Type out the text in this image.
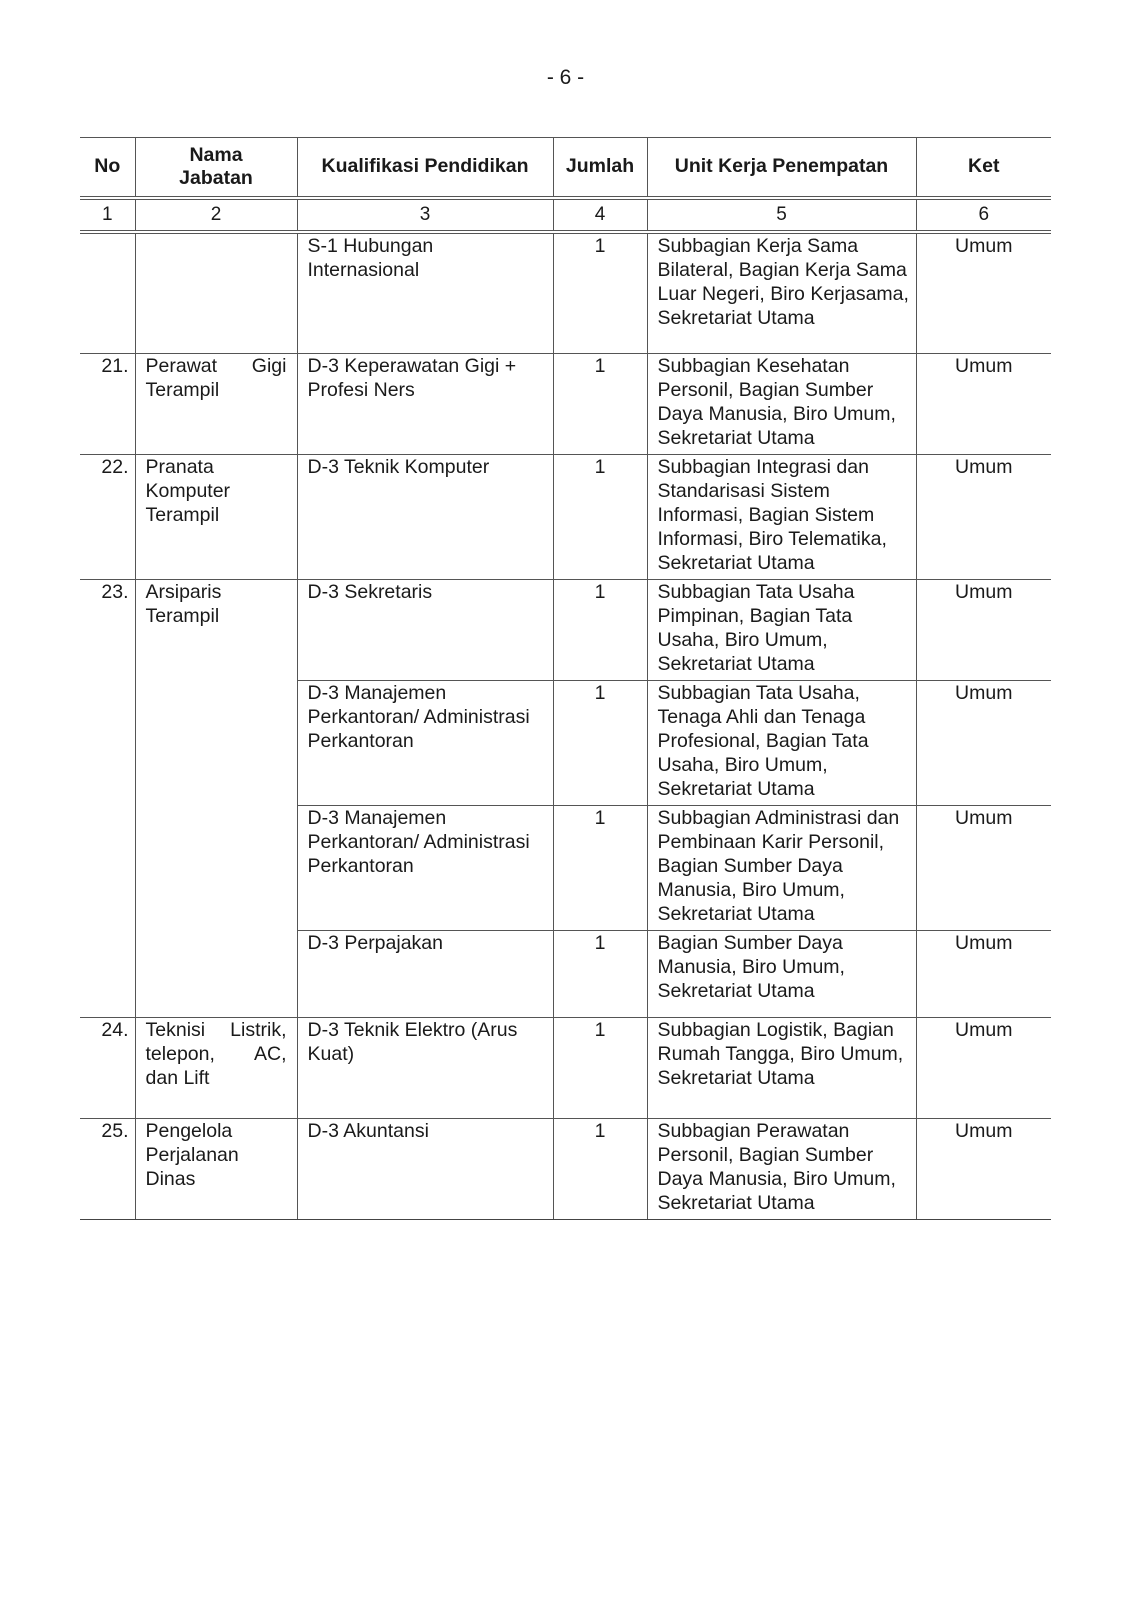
- 6 -
No	Nama Jabatan	Kualifikasi Pendidikan	Jumlah	Unit Kerja Penempatan	Ket
1	2	3	4	5	6
		S-1 Hubungan Internasional	1	Subbagian Kerja Sama Bilateral, Bagian Kerja Sama Luar Negeri, Biro Kerjasama, Sekretariat Utama	Umum
21.	Perawat Gigi Terampil	D-3 Keperawatan Gigi + Profesi Ners	1	Subbagian Kesehatan Personil, Bagian Sumber Daya Manusia, Biro Umum, Sekretariat Utama	Umum
22.	Pranata Komputer Terampil	D-3 Teknik Komputer	1	Subbagian Integrasi dan Standarisasi Sistem Informasi, Bagian Sistem Informasi, Biro Telematika, Sekretariat Utama	Umum
23.	Arsiparis Terampil	D-3 Sekretaris	1	Subbagian Tata Usaha Pimpinan, Bagian Tata Usaha, Biro Umum, Sekretariat Utama	Umum
		D-3 Manajemen Perkantoran/ Administrasi Perkantoran	1	Subbagian Tata Usaha, Tenaga Ahli dan Tenaga Profesional, Bagian Tata Usaha, Biro Umum, Sekretariat Utama	Umum
		D-3 Manajemen Perkantoran/ Administrasi Perkantoran	1	Subbagian Administrasi dan Pembinaan Karir Personil, Bagian Sumber Daya Manusia, Biro Umum, Sekretariat Utama	Umum
		D-3 Perpajakan	1	Bagian Sumber Daya Manusia, Biro Umum, Sekretariat Utama	Umum
24.	Teknisi Listrik, telepon, AC, dan Lift	D-3 Teknik Elektro (Arus Kuat)	1	Subbagian Logistik, Bagian Rumah Tangga, Biro Umum, Sekretariat Utama	Umum
25.	Pengelola Perjalanan Dinas	D-3 Akuntansi	1	Subbagian Perawatan Personil, Bagian Sumber Daya Manusia, Biro Umum, Sekretariat Utama	Umum
